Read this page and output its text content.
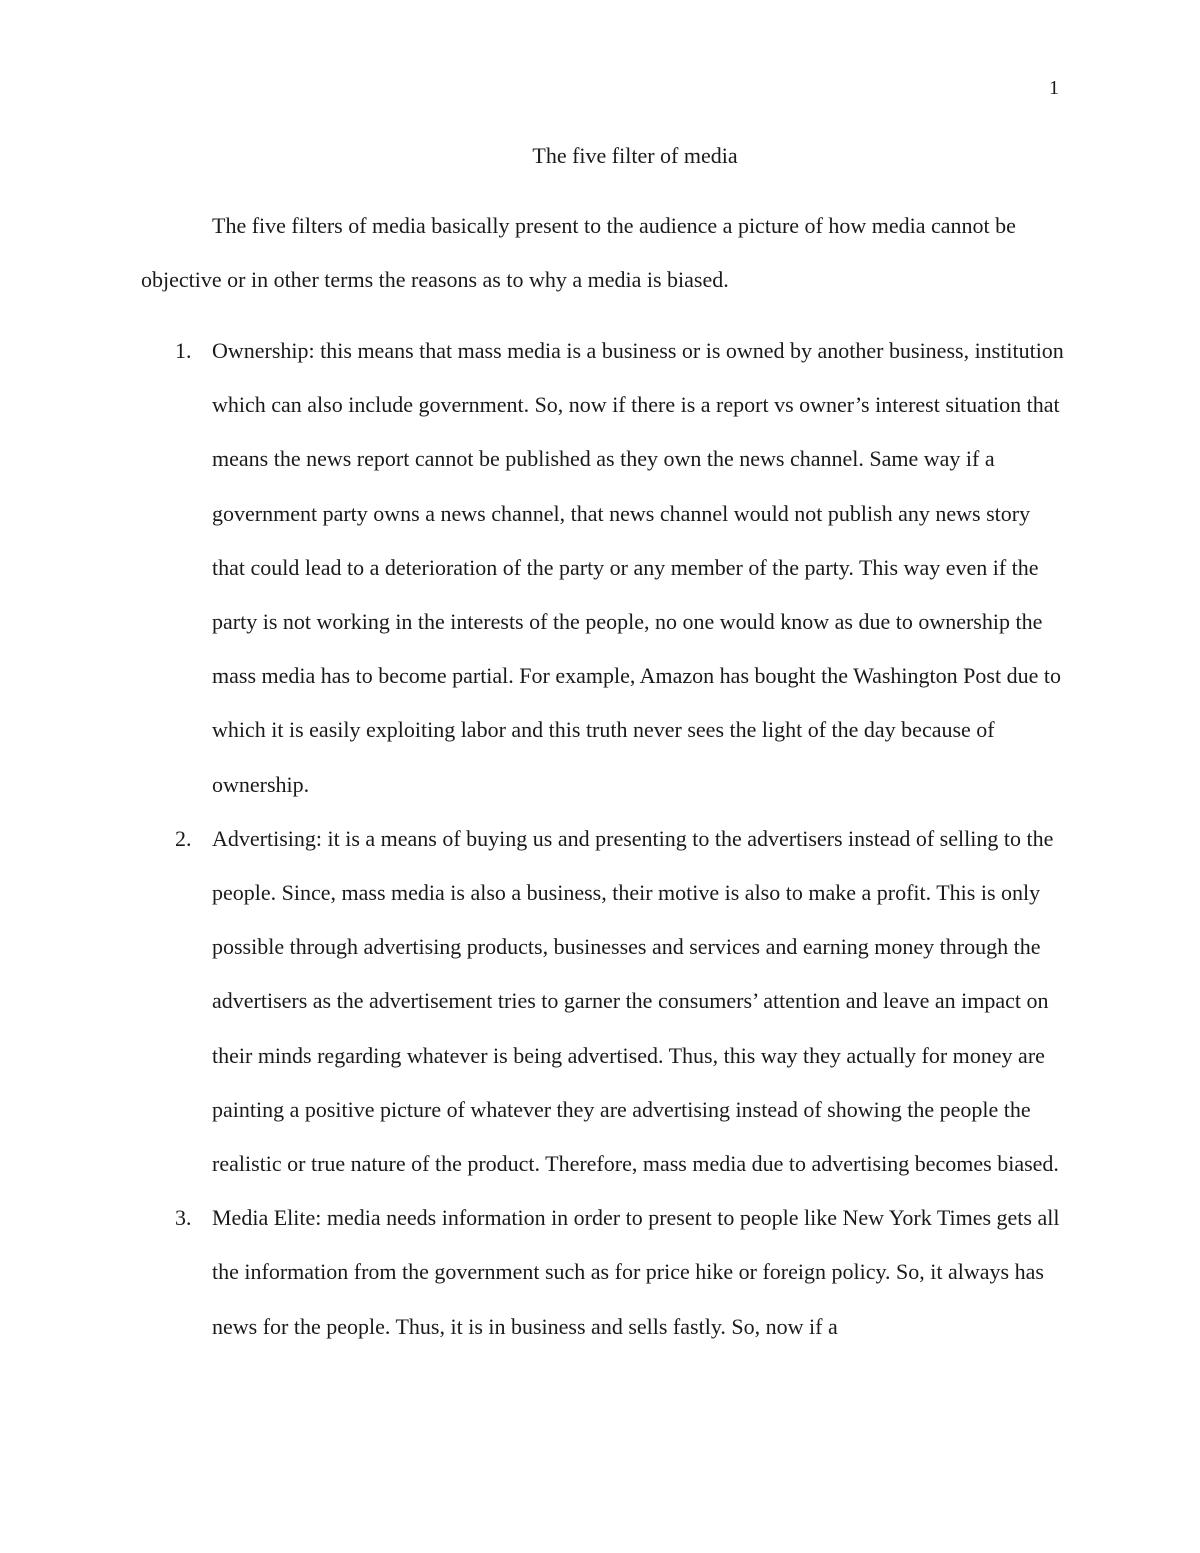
1
The five filter of media

The five filters of media basically present to the audience a picture of how media cannot be objective or in other terms the reasons as to why a media is biased.

1. Ownership: this means that mass media is a business or is owned by another business, institution which can also include government. So, now if there is a report vs owner’s interest situation that means the news report cannot be published as they own the news channel. Same way if a government party owns a news channel, that news channel would not publish any news story that could lead to a deterioration of the party or any member of the party. This way even if the party is not working in the interests of the people, no one would know as due to ownership the mass media has to become partial. For example, Amazon has bought the Washington Post due to which it is easily exploiting labor and this truth never sees the light of the day because of ownership.
2. Advertising: it is a means of buying us and presenting to the advertisers instead of selling to the people. Since, mass media is also a business, their motive is also to make a profit. This is only possible through advertising products, businesses and services and earning money through the advertisers as the advertisement tries to garner the consumers’ attention and leave an impact on their minds regarding whatever is being advertised. Thus, this way they actually for money are painting a positive picture of whatever they are advertising instead of showing the people the realistic or true nature of the product. Therefore, mass media due to advertising becomes biased.
3. Media Elite: media needs information in order to present to people like New York Times gets all the information from the government such as for price hike or foreign policy. So, it always has news for the people. Thus, it is in business and sells fastly. So, now if a
